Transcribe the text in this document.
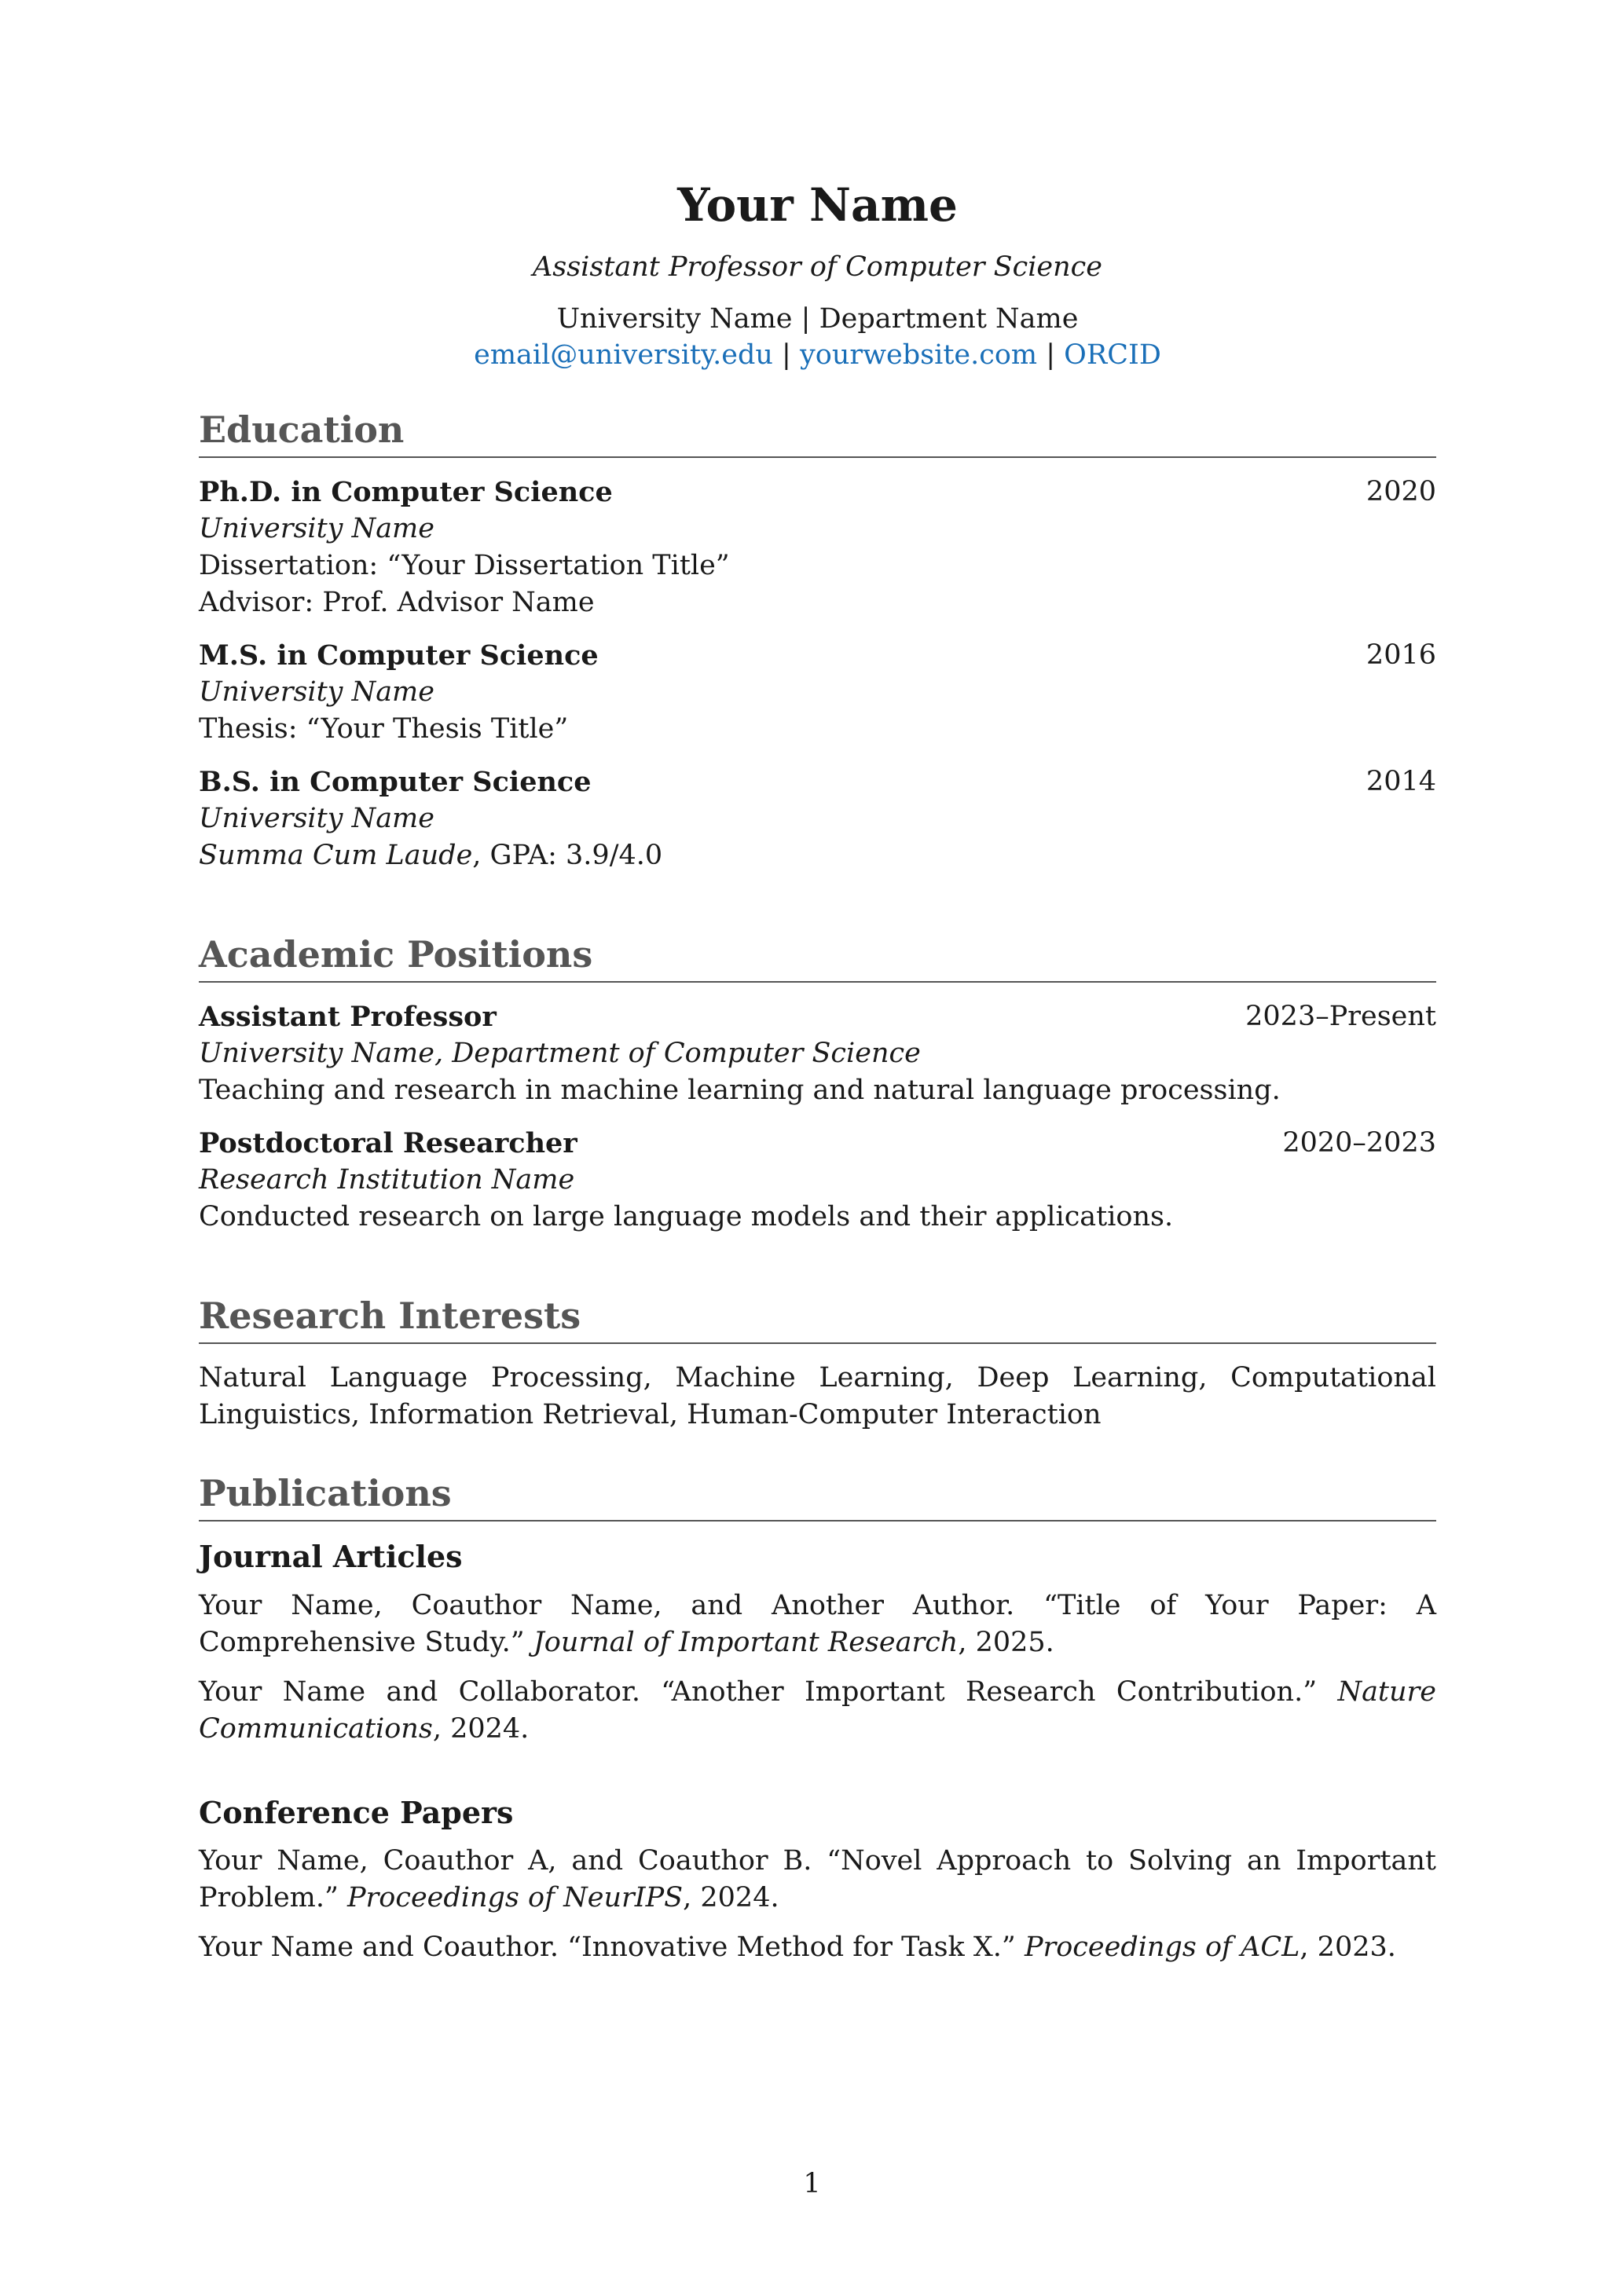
Your Name
Assistant Professor of Computer Science
University Name | Department Name
email@university.edu | yourwebsite.com | ORCID
Education
Ph.D. in Computer Science	2020
University Name
Dissertation: “Your Dissertation Title”
Advisor: Prof. Advisor Name
M.S. in Computer Science	2016
University Name
Thesis: “Your Thesis Title”
B.S. in Computer Science	2014
University Name
Summa Cum Laude, GPA: 3.9/4.0
Academic Positions
Assistant Professor	2023–Present
University Name, Department of Computer Science
Teaching and research in machine learning and natural language processing.
Postdoctoral Researcher	2020–2023
Research Institution Name
Conducted research on large language models and their applications.
Research Interests
Natural Language Processing, Machine Learning, Deep Learning, Computational Linguistics, Information Retrieval, Human-Computer Interaction
Publications
Journal Articles
Your Name, Coauthor Name, and Another Author. “Title of Your Paper: A Comprehensive Study.” Journal of Important Research, 2025.
Your Name and Collaborator. “Another Important Research Contribution.” Nature Communications, 2024.
Conference Papers
Your Name, Coauthor A, and Coauthor B. “Novel Approach to Solving an Important Problem.” Proceedings of NeurIPS, 2024.
Your Name and Coauthor. “Innovative Method for Task X.” Proceedings of ACL, 2023.
1
